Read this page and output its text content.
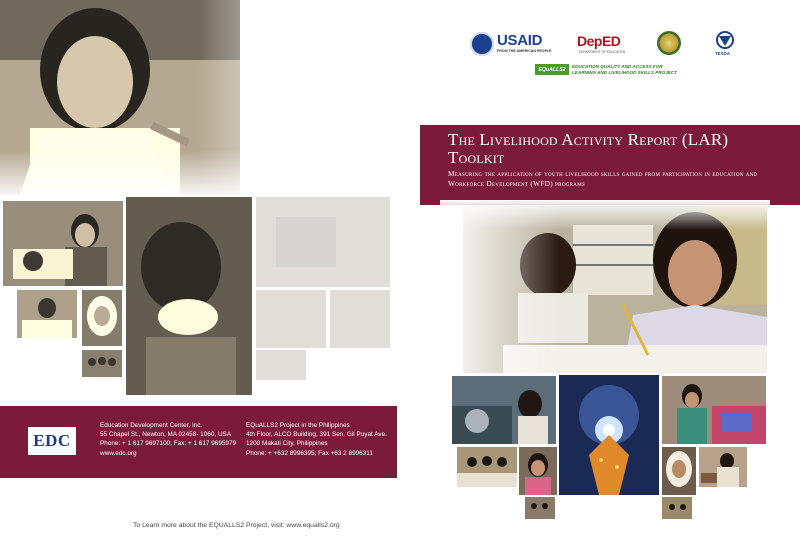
EDC
Education Development Center, Inc.
55 Chapel St., Newton, MA 02458- 1060, USA
Phone: + 1 617 9697100; Fax: + 1 617 9695979
www.edc.org
EQuALLS2 Project in the Philippines
4th Floor, ALCO Building, 391 Sen. Gil Puyat Ave.
1200 Makati City, Philippines
Phone: + +632 8996395; Fax +63 2 8996311
To Learn more about the EQUALLS2 Project, visit: www.equalls2.org
USAID
FROM THE AMERICAN PEOPLE
DepED
DEPARTMENT OF EDUCATION	TESDA
EQuALLS2	EDUCATION QUALITY AND ACCESS FOR
LEARNING AND LIVELIHOOD SKILLS PROJECT
The Livelihood Activity Report (LAR)
Toolkit
Measuring the application of youth livelihood skills gained from participation in education and Workforce Development (WFD) programs
